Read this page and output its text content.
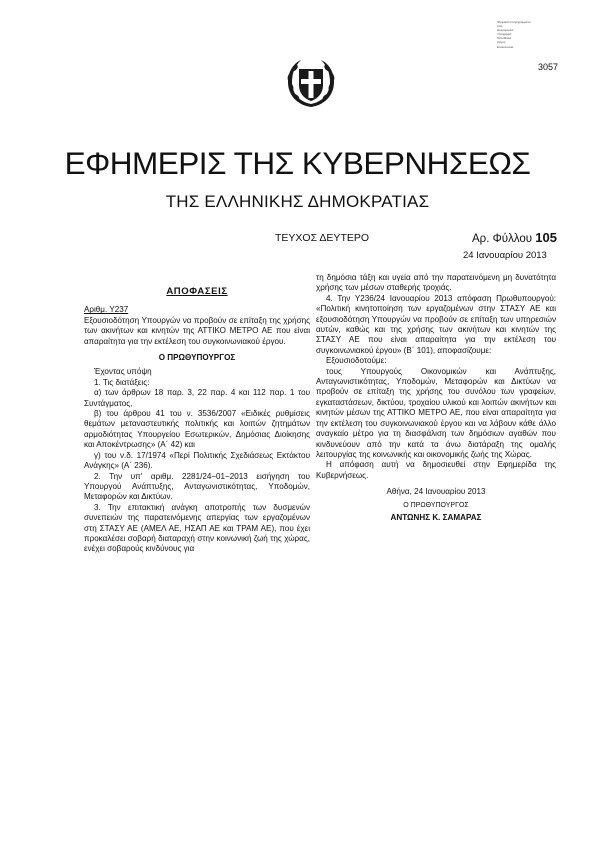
Ψηφιακά υπογεγραμμένο
από
Ημερομηνία:
Υπογραφή
Τοποθεσία:
Λόγος:
Επικοινωνία:
3057
ΕΦΗΜΕΡΙΣ ΤΗΣ ΚΥΒΕΡΝΗΣΕΩΣ
ΤΗΣ ΕΛΛΗΝΙΚΗΣ ΔΗΜΟΚΡΑΤΙΑΣ
ΤΕΥΧΟΣ ΔΕΥΤΕΡΟ	Αρ. Φύλλου 105
24 Ιανουαρίου 2013

ΑΠΟΦΑΣΕΙΣ

Αριθμ. Υ237

Εξουσιοδότηση Υπουργών να προβούν σε επίταξη της χρήσης των ακινήτων και κινητών της ΑΤΤΙΚΟ ΜΕΤΡΟ ΑΕ που είναι απαραίτητα για την εκτέλεση του συγκοινωνιακού έργου.

Ο ΠΡΩΘΥΠΟΥΡΓΟΣ

Έχοντας υπόψη

1. Τις διατάξεις:

α) των άρθρων 18 παρ. 3, 22 παρ. 4 και 112 παρ. 1 του Συντάγματος,

β) του άρθρου 41 του ν. 3536/2007 «Ειδικές ρυθμίσεις θεμάτων μεταναστευτικής πολιτικής και λοιπών ζητημάτων αρμοδιότητας Υπουργείου Εσωτερικών, Δημόσιας Διοίκησης και Αποκέντρωσης» (Α΄ 42) και

γ) του ν.δ. 17/1974 «Περί Πολιτικής Σχεδιάσεως Εκτάκτου Ανάγκης» (Α΄ 236).

2. Την υπ' αριθμ. 2281/24−01−2013 εισήγηση του Υπουργού Ανάπτυξης, Ανταγωνιστικότητας, Υποδομών, Μεταφορών και Δικτύων.

3. Την επιτακτική ανάγκη αποτροπής των δυσμενών συνεπειών της παρατεινόμενης απεργίας των εργαζομένων στη ΣΤΑΣΥ ΑΕ (ΑΜΕΛ ΑΕ, ΗΣΑΠ ΑΕ και ΤΡΑΜ ΑΕ), που έχει προκαλέσει σοβαρή διαταραχή στην κοινωνική ζωή της χώρας, ενέχει σοβαρούς κινδύνους για

τη δημόσια τάξη και υγεία από την παρατεινόμενη μη δυνατότητα χρήσης των μέσων σταθερής τροχιάς.

4. Την Υ236/24 Ιανουαρίου 2013 απόφαση Πρωθυπουργού: «Πολιτική κινητοποίηση των εργαζομένων στην ΣΤΑΣΥ ΑΕ και εξουσιοδότηση Υπουργών να προβούν σε επίταξη των υπηρεσιών αυτών, καθώς και της χρήσης των ακινήτων και κινητών της ΣΤΑΣΥ ΑΕ που είναι απαραίτητα για την εκτέλεση του συγκοινωνιακού έργου» (Β΄ 101), αποφασίζουμε:

Εξουσιοδοτούμε:

τους Υπουργούς Οικονομικών και Ανάπτυξης, Ανταγωνιστικότητας, Υποδομών, Μεταφορών και Δικτύων να προβούν σε επίταξη της χρήσης του συνόλου των γραφείων, εγκαταστάσεων, δικτύου, τροχαίου υλικού και λοιπών ακινήτων και κινητών μέσων της ΑΤΤΙΚΟ ΜΕΤΡΟ ΑΕ, που είναι απαραίτητα για την εκτέλεση του συγκοινωνιακού έργου και να λάβουν κάθε άλλο αναγκαίο μέτρο για τη διασφάλιση των δημόσιων αγαθών που κινδυνεύουν από την κατά τα άνω διατάραξη της ομαλής λειτουργίας της κοινωνικής και οικονομικής ζωής της Χώρας.

Η απόφαση αυτή να δημοσιευθεί στην Εφημερίδα της Κυβερνήσεως.

Αθήνα, 24 Ιανουαρίου 2013

Ο ΠΡΩΘΥΠΟΥΡΓΟΣ

ΑΝΤΩΝΗΣ Κ. ΣΑΜΑΡΑΣ
